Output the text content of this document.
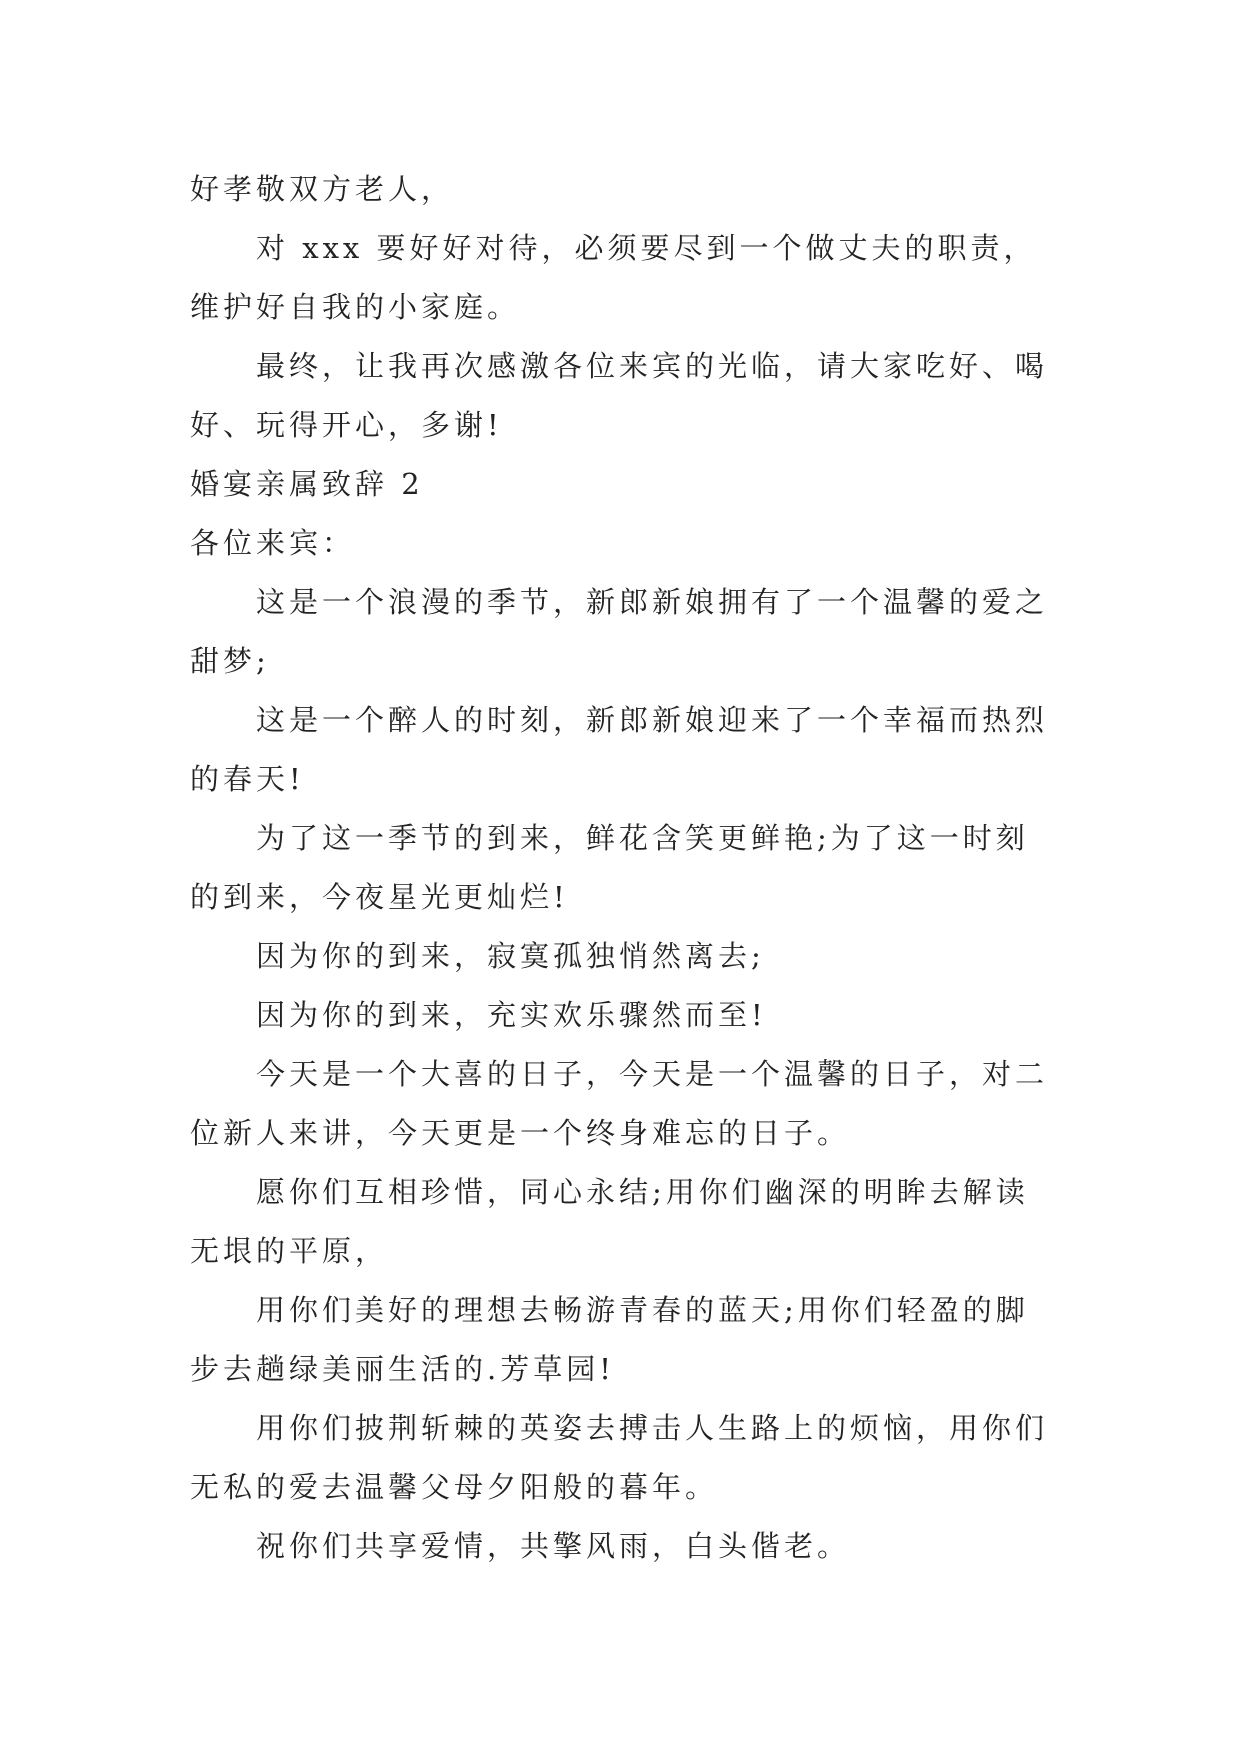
好孝敬双方老人，

对 xxx 要好好对待，必须要尽到一个做丈夫的职责，维护好自我的小家庭。

最终，让我再次感激各位来宾的光临，请大家吃好、喝好、玩得开心，多谢!

婚宴亲属致辞 2

各位来宾：

这是一个浪漫的季节，新郎新娘拥有了一个温馨的爱之甜梦;

这是一个醉人的时刻，新郎新娘迎来了一个幸福而热烈的春天!

为了这一季节的到来，鲜花含笑更鲜艳;为了这一时刻的到来，今夜星光更灿烂!

因为你的到来，寂寞孤独悄然离去;

因为你的到来，充实欢乐骤然而至!

今天是一个大喜的日子，今天是一个温馨的日子，对二位新人来讲，今天更是一个终身难忘的日子。

愿你们互相珍惜，同心永结;用你们幽深的明眸去解读无垠的平原，

用你们美好的理想去畅游青春的蓝天;用你们轻盈的脚步去趟绿美丽生活的.芳草园!

用你们披荆斩棘的英姿去搏击人生路上的烦恼，用你们无私的爱去温馨父母夕阳般的暮年。

祝你们共享爱情，共擎风雨，白头偕老。
